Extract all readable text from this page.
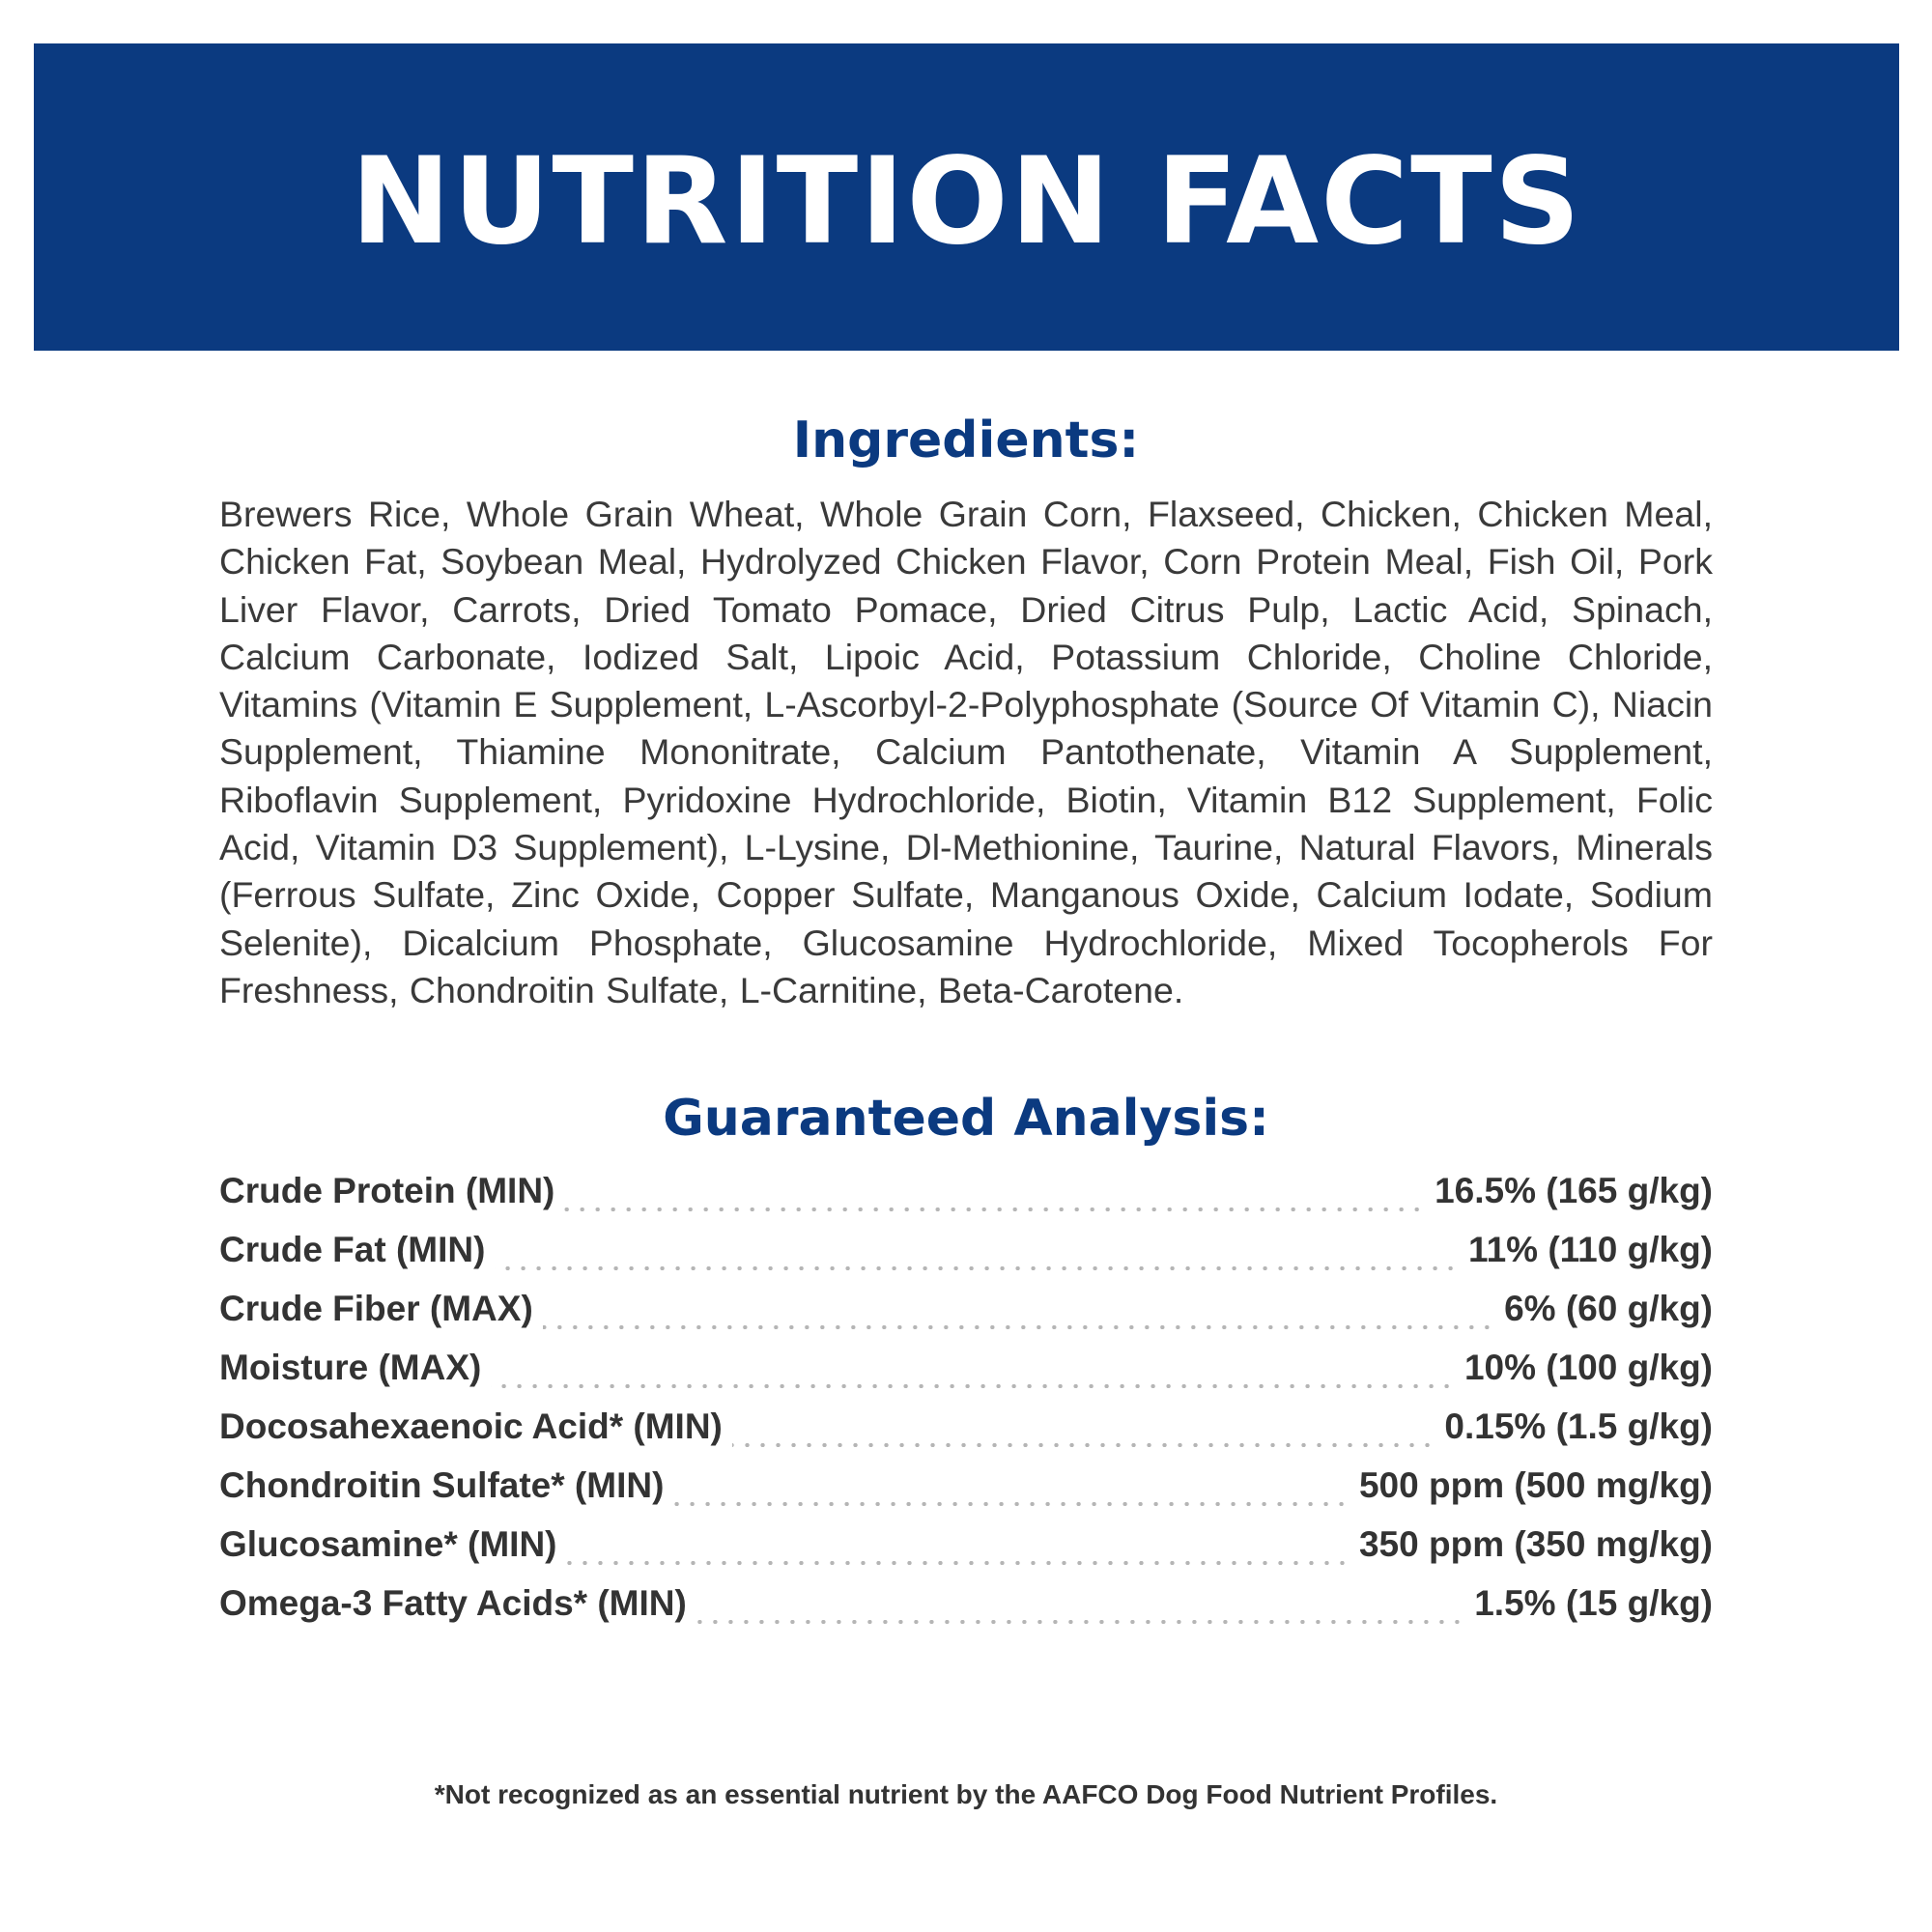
NUTRITION FACTS
Ingredients:

Brewers Rice, Whole Grain Wheat, Whole Grain Corn, Flaxseed, Chicken, Chicken Meal, Chicken Fat, Soybean Meal, Hydrolyzed Chicken Flavor, Corn Protein Meal, Fish Oil, Pork Liver Flavor, Carrots, Dried Tomato Pomace, Dried Citrus Pulp, Lactic Acid, Spinach, Calcium Carbonate, Iodized Salt, Lipoic Acid, Potassium Chloride, Choline Chloride, Vitamins (Vitamin E Supplement, L-Ascorbyl-2-Polyphosphate (Source Of Vitamin C), Niacin Supplement, Thiamine Mononitrate, Calcium Pantothenate, Vitamin A Supplement, Riboflavin Supplement, Pyridoxine Hydrochloride, Biotin, Vitamin B12 Supplement, Folic Acid, Vitamin D3 Supplement), L-Lysine, Dl-Methionine, Taurine, Natural Flavors, Minerals (Ferrous Sulfate, Zinc Oxide, Copper Sulfate, Manganous Oxide, Calcium Iodate, Sodium Selenite), Dicalcium Phosphate, Glucosamine Hydrochloride, Mixed Tocopherols For Freshness, Chondroitin Sulfate, L-Carnitine, Beta-Carotene.

Guaranteed Analysis:
Crude Protein (MIN)	16.5% (165 g/kg)
Crude Fat (MIN)	11% (110 g/kg)
Crude Fiber (MAX)	6% (60 g/kg)
Moisture (MAX)	10% (100 g/kg)
Docosahexaenoic Acid* (MIN)	0.15% (1.5 g/kg)
Chondroitin Sulfate* (MIN)	500 ppm (500 mg/kg)
Glucosamine* (MIN)	350 ppm (350 mg/kg)
Omega-3 Fatty Acids* (MIN)	1.5% (15 g/kg)
*Not recognized as an essential nutrient by the AAFCO Dog Food Nutrient Profiles.
